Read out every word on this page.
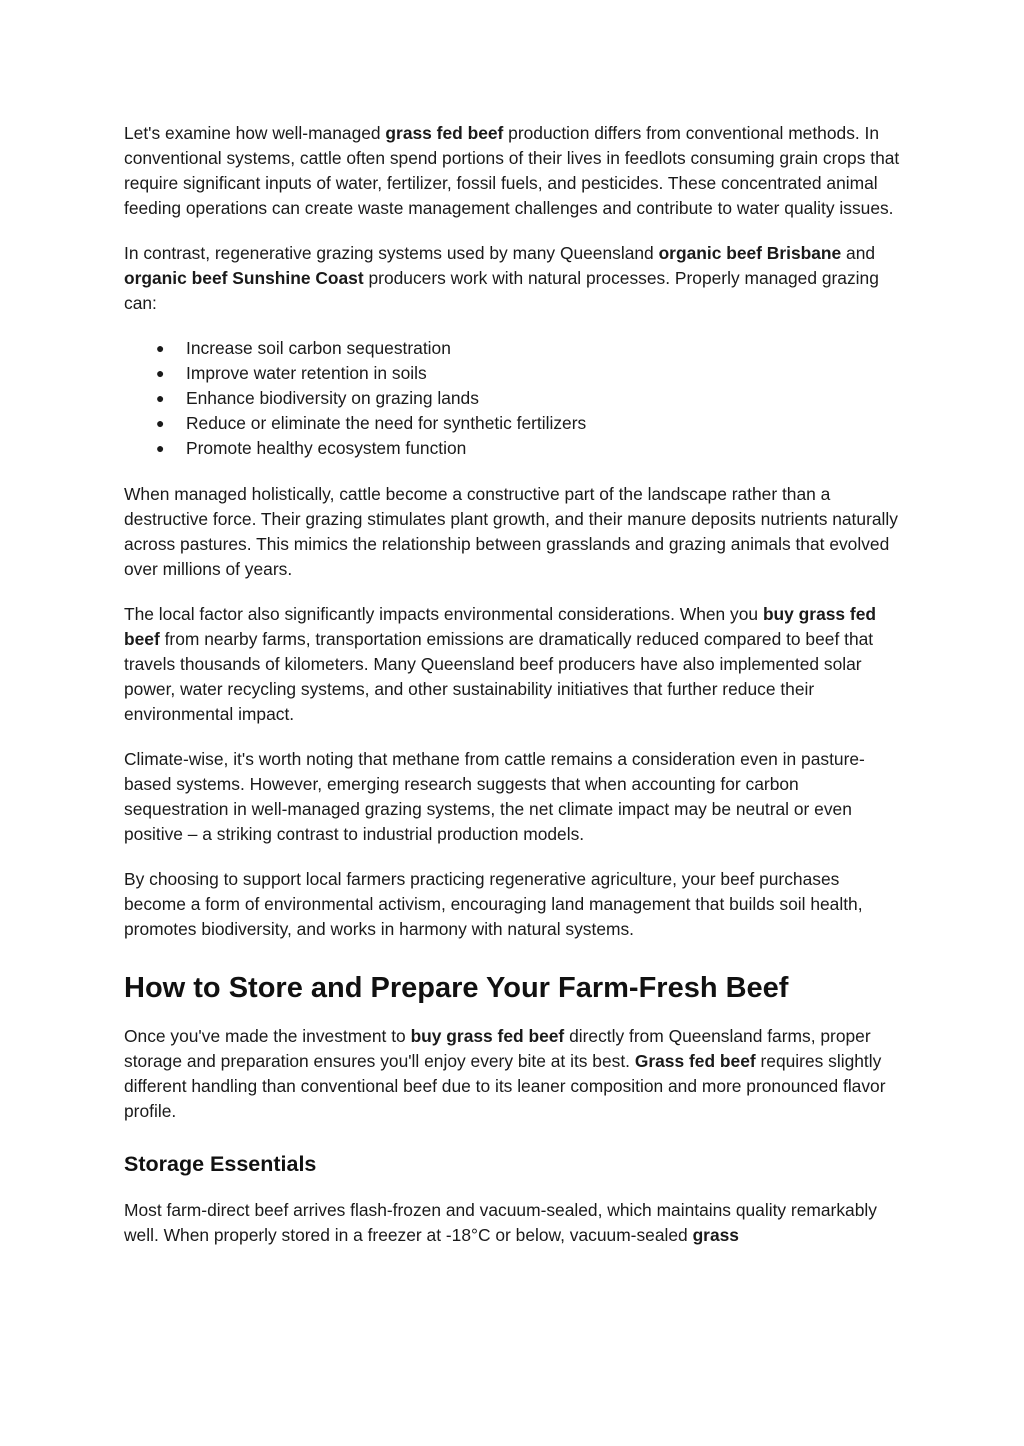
Let's examine how well-managed grass fed beef production differs from conventional methods. In conventional systems, cattle often spend portions of their lives in feedlots consuming grain crops that require significant inputs of water, fertilizer, fossil fuels, and pesticides. These concentrated animal feeding operations can create waste management challenges and contribute to water quality issues.

In contrast, regenerative grazing systems used by many Queensland organic beef Brisbane and organic beef Sunshine Coast producers work with natural processes. Properly managed grazing can:

● Increase soil carbon sequestration
● Improve water retention in soils
● Enhance biodiversity on grazing lands
● Reduce or eliminate the need for synthetic fertilizers
● Promote healthy ecosystem function

When managed holistically, cattle become a constructive part of the landscape rather than a destructive force. Their grazing stimulates plant growth, and their manure deposits nutrients naturally across pastures. This mimics the relationship between grasslands and grazing animals that evolved over millions of years.

The local factor also significantly impacts environmental considerations. When you buy grass fed beef from nearby farms, transportation emissions are dramatically reduced compared to beef that travels thousands of kilometers. Many Queensland beef producers have also implemented solar power, water recycling systems, and other sustainability initiatives that further reduce their environmental impact.

Climate-wise, it's worth noting that methane from cattle remains a consideration even in pasture-based systems. However, emerging research suggests that when accounting for carbon sequestration in well-managed grazing systems, the net climate impact may be neutral or even positive – a striking contrast to industrial production models.

By choosing to support local farmers practicing regenerative agriculture, your beef purchases become a form of environmental activism, encouraging land management that builds soil health, promotes biodiversity, and works in harmony with natural systems.

How to Store and Prepare Your Farm-Fresh Beef

Once you've made the investment to buy grass fed beef directly from Queensland farms, proper storage and preparation ensures you'll enjoy every bite at its best. Grass fed beef requires slightly different handling than conventional beef due to its leaner composition and more pronounced flavor profile.

Storage Essentials

Most farm-direct beef arrives flash-frozen and vacuum-sealed, which maintains quality remarkably well. When properly stored in a freezer at -18°C or below, vacuum-sealed grass
